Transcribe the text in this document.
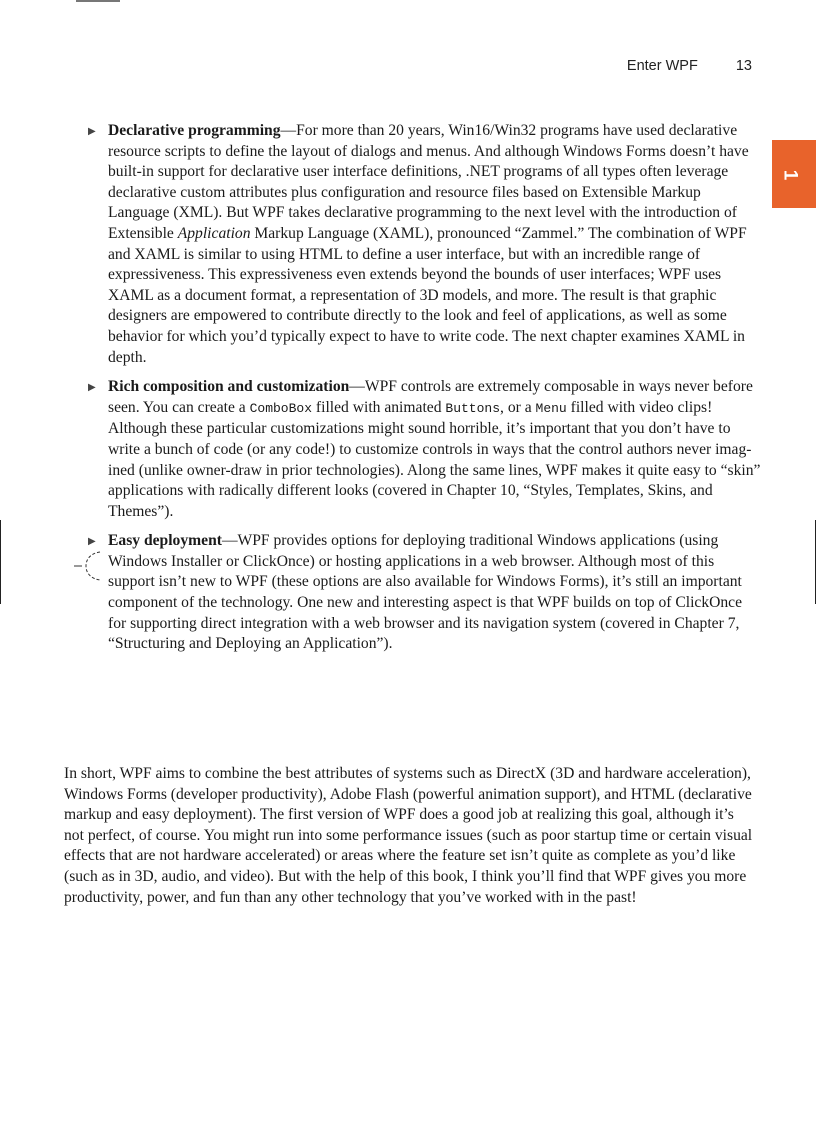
Enter WPF	13
1
▶ Declarative programming—For more than 20 years, Win16/Win32 programs have used declarative resource scripts to define the layout of dialogs and menus. And although Windows Forms doesn’t have built-in support for declarative user interface definitions, .NET programs of all types often leverage declarative custom attributes plus configuration and resource files based on Extensible Markup Language (XML). But WPF takes declarative programming to the next level with the introduction of Extensible Application Markup Language (XAML), pronounced “Zammel.” The combination of WPF and XAML is similar to using HTML to define a user interface, but with an incredible range of expressiveness. This expressiveness even extends beyond the bounds of user interfaces; WPF uses XAML as a document format, a representation of 3D models, and more. The result is that graphic designers are empowered to contribute directly to the look and feel of applications, as well as some behavior for which you’d typically expect to have to write code. The next chapter examines XAML in depth.

▶ Rich composition and customization—WPF controls are extremely composable in ways never before seen. You can create a ComboBox filled with animated Buttons, or a Menu filled with video clips! Although these particular customizations might sound horrible, it’s important that you don’t have to write a bunch of code (or any code!) to customize controls in ways that the control authors never imagined (unlike owner-draw in prior technologies). Along the same lines, WPF makes it quite easy to “skin” applications with radically different looks (covered in Chapter 10, “Styles, Templates, Skins, and Themes”).

▶ Easy deployment—WPF provides options for deploying traditional Windows applications (using Windows Installer or ClickOnce) or hosting applications in a web browser. Although most of this support isn’t new to WPF (these options are also available for Windows Forms), it’s still an important component of the technology. One new and interesting aspect is that WPF builds on top of ClickOnce for supporting direct integration with a web browser and its navigation system (covered in Chapter 7, “Structuring and Deploying an Application”).

In short, WPF aims to combine the best attributes of systems such as DirectX (3D and hardware acceleration), Windows Forms (developer productivity), Adobe Flash (powerful animation support), and HTML (declarative markup and easy deployment). The first version of WPF does a good job at realizing this goal, although it’s not perfect, of course. You might run into some performance issues (such as poor startup time or certain visual effects that are not hardware accelerated) or areas where the feature set isn’t quite as complete as you’d like (such as in 3D, audio, and video). But with the help of this book, I think you’ll find that WPF gives you more productivity, power, and fun than any other technology that you’ve worked with in the past!
